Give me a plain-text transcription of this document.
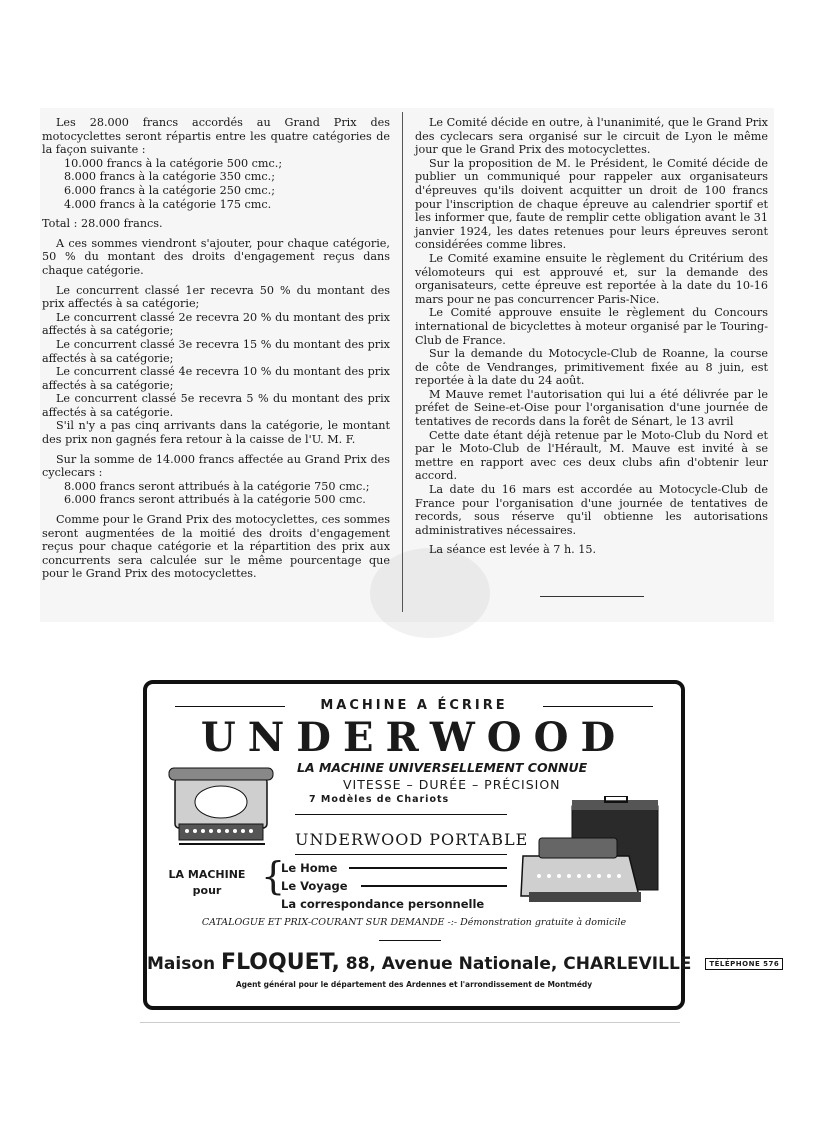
Les 28.000 francs accordés au Grand Prix des motocyclettes seront répartis entre les quatre catégories de la façon suivante :

10.000 francs à la catégorie 500 cmc.;
8.000 francs à la catégorie 350 cmc.;
6.000 francs à la catégorie 250 cmc.;
4.000 francs à la catégorie 175 cmc.

Total : 28.000 francs.

A ces sommes viendront s'ajouter, pour chaque catégorie, 50 % du montant des droits d'engagement reçus dans chaque catégorie.

Le concurrent classé 1er recevra 50 % du montant des prix affectés à sa catégorie;

Le concurrent classé 2e recevra 20 % du montant des prix affectés à sa catégorie;

Le concurrent classé 3e recevra 15 % du montant des prix affectés à sa catégorie;

Le concurrent classé 4e recevra 10 % du montant des prix affectés à sa catégorie;

Le concurrent classé 5e recevra 5 % du montant des prix affectés à sa catégorie.

S'il n'y a pas cinq arrivants dans la catégorie, le montant des prix non gagnés fera retour à la caisse de l'U. M. F.

Sur la somme de 14.000 francs affectée au Grand Prix des cyclecars :

8.000 francs seront attribués à la catégorie 750 cmc.;
6.000 francs seront attribués à la catégorie 500 cmc.

Comme pour le Grand Prix des motocyclettes, ces sommes seront augmentées de la moitié des droits d'engagement reçus pour chaque catégorie et la répartition des prix aux concurrents sera calculée sur le même pourcentage que pour le Grand Prix des motocyclettes.

Le Comité décide en outre, à l'unanimité, que le Grand Prix des cyclecars sera organisé sur le circuit de Lyon le même jour que le Grand Prix des motocyclettes.

Sur la proposition de M. le Président, le Comité décide de publier un communiqué pour rappeler aux organisateurs d'épreuves qu'ils doivent acquitter un droit de 100 francs pour l'inscription de chaque épreuve au calendrier sportif et les informer que, faute de remplir cette obligation avant le 31 janvier 1924, les dates retenues pour leurs épreuves seront considérées comme libres.

Le Comité examine ensuite le règlement du Critérium des vélomoteurs qui est approuvé et, sur la demande des organisateurs, cette épreuve est reportée à la date du 10-16 mars pour ne pas concurrencer Paris-Nice.

Le Comité approuve ensuite le règlement du Concours international de bicyclettes à moteur organisé par le Touring-Club de France.

Sur la demande du Motocycle-Club de Roanne, la course de côte de Vendranges, primitivement fixée au 8 juin, est reportée à la date du 24 août.

M Mauve remet l'autorisation qui lui a été délivrée par le préfet de Seine-et-Oise pour l'organisation d'une journée de tentatives de records dans la forêt de Sénart, le 13 avril

Cette date étant déjà retenue par le Moto-Club du Nord et par le Moto-Club de l'Hérault, M. Mauve est invité à se mettre en rapport avec ces deux clubs afin d'obtenir leur accord.

La date du 16 mars est accordée au Motocycle-Club de France pour l'organisation d'une journée de tentatives de records, sous réserve qu'il obtienne les autorisations administratives nécessaires.

La séance est levée à 7 h. 15.

MACHINE A ÉCRIRE
UNDERWOOD
LA MACHINE UNIVERSELLEMENT CONNUE
VITESSE – DURÉE – PRÉCISION
7 Modèles de Chariots
UNDERWOOD PORTABLE
LA MACHINE
pour	{
Le Home
Le Voyage
La correspondance personnelle
CATALOGUE ET PRIX-COURANT SUR DEMANDE -:- Démonstration gratuite à domicile
Maison FLOQUET, 88, Avenue Nationale, CHARLEVILLE	TÉLÉPHONE 576
Agent général pour le département des Ardennes et l'arrondissement de Montmédy
